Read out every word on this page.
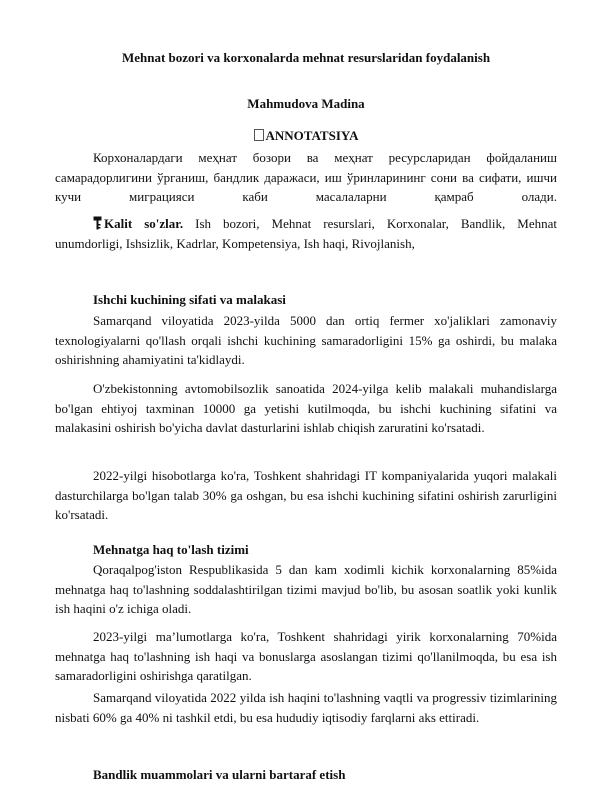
Mehnat bozori va korxonalarda mehnat resurslaridan foydalanish
Mahmudova Madina
ANNOTATSIYA

Корхоналардаги меҳнат бозори ва меҳнат ресурсларидан фойдаланиш самарадорлигини ўрганиш, бандлик даражаси, иш ўринларининг сони ва сифати, ишчи кучи миграцияси каби масалаларни қамраб олади.

Kalit so'zlar. Ish bozori, Mehnat resurslari, Korxonalar, Bandlik, Mehnat unumdorligi, Ishsizlik, Kadrlar, Kompetensiya, Ish haqi, Rivojlanish,

Ishchi kuchining sifati va malakasi

Samarqand viloyatida 2023-yilda 5000 dan ortiq fermer xo'jaliklari zamonaviy texnologiyalarni qo'llash orqali ishchi kuchining samaradorligini 15% ga oshirdi, bu malaka oshirishning ahamiyatini ta'kidlaydi.

O'zbekistonning avtomobilsozlik sanoatida 2024-yilga kelib malakali muhandislarga bo'lgan ehtiyoj taxminan 10000 ga yetishi kutilmoqda, bu ishchi kuchining sifatini va malakasini oshirish bo'yicha davlat dasturlarini ishlab chiqish zaruratini ko'rsatadi.

2022-yilgi hisobotlarga ko'ra, Toshkent shahridagi IT kompaniyalarida yuqori malakali dasturchilarga bo'lgan talab 30% ga oshgan, bu esa ishchi kuchining sifatini oshirish zarurligini ko'rsatadi.

Mehnatga haq to'lash tizimi

Qoraqalpog'iston Respublikasida 5 dan kam xodimli kichik korxonalarning 85%ida mehnatga haq to'lashning soddalashtirilgan tizimi mavjud bo'lib, bu asosan soatlik yoki kunlik ish haqini o'z ichiga oladi.

2023-yilgi ma’lumotlarga ko'ra, Toshkent shahridagi yirik korxonalarning 70%ida mehnatga haq to'lashning ish haqi va bonuslarga asoslangan tizimi qo'llanilmoqda, bu esa ish samaradorligini oshirishga qaratilgan.

Samarqand viloyatida 2022 yilda ish haqini to'lashning vaqtli va progressiv tizimlarining nisbati 60% ga 40% ni tashkil etdi, bu esa hududiy iqtisodiy farqlarni aks ettiradi.

Bandlik muammolari va ularni bartaraf etish
